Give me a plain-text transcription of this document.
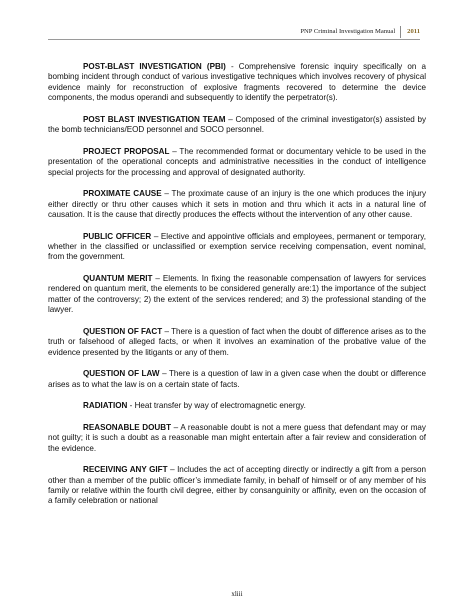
PNP Criminal Investigation Manual	2011

POST-BLAST INVESTIGATION (PBI) - Comprehensive forensic inquiry specifically on a bombing incident through conduct of various investigative techniques which involves recovery of physical evidence mainly for reconstruction of explosive fragments recovered to determine the device components, the modus operandi and subsequently to identify the perpetrator(s).

POST BLAST INVESTIGATION TEAM – Composed of the criminal investigator(s) assisted by the bomb technicians/EOD personnel and SOCO personnel.

PROJECT PROPOSAL – The recommended format or documentary vehicle to be used in the presentation of the operational concepts and administrative necessities in the conduct of intelligence special projects for the processing and approval of designated authority.

PROXIMATE CAUSE – The proximate cause of an injury is the one which produces the injury either directly or thru other causes which it sets in motion and thru which it acts in a natural line of causation. It is the cause that directly produces the effects without the intervention of any other cause.

PUBLIC OFFICER – Elective and appointive officials and employees, permanent or temporary, whether in the classified or unclassified or exemption service receiving compensation, event nominal, from the government.

QUANTUM MERIT – Elements. In fixing the reasonable compensation of lawyers for services rendered on quantum merit, the elements to be considered generally are:1) the importance of the subject matter of the controversy; 2) the extent of the services rendered; and 3) the professional standing of the lawyer.

QUESTION OF FACT – There is a question of fact when the doubt of difference arises as to the truth or falsehood of alleged facts, or when it involves an examination of the probative value of the evidence presented by the litigants or any of them.

QUESTION OF LAW – There is a question of law in a given case when the doubt or difference arises as to what the law is on a certain state of facts.

RADIATION - Heat transfer by way of electromagnetic energy.

REASONABLE DOUBT – A reasonable doubt is not a mere guess that defendant may or may not guilty; it is such a doubt as a reasonable man might entertain after a fair review and consideration of the evidence.

RECEIVING ANY GIFT – Includes the act of accepting directly or indirectly a gift from a person other than a member of the public officer’s immediate family, in behalf of himself or of any member of his family or relative within the fourth civil degree, either by consanguinity or affinity, even on the occasion of a family celebration or national

xliii
